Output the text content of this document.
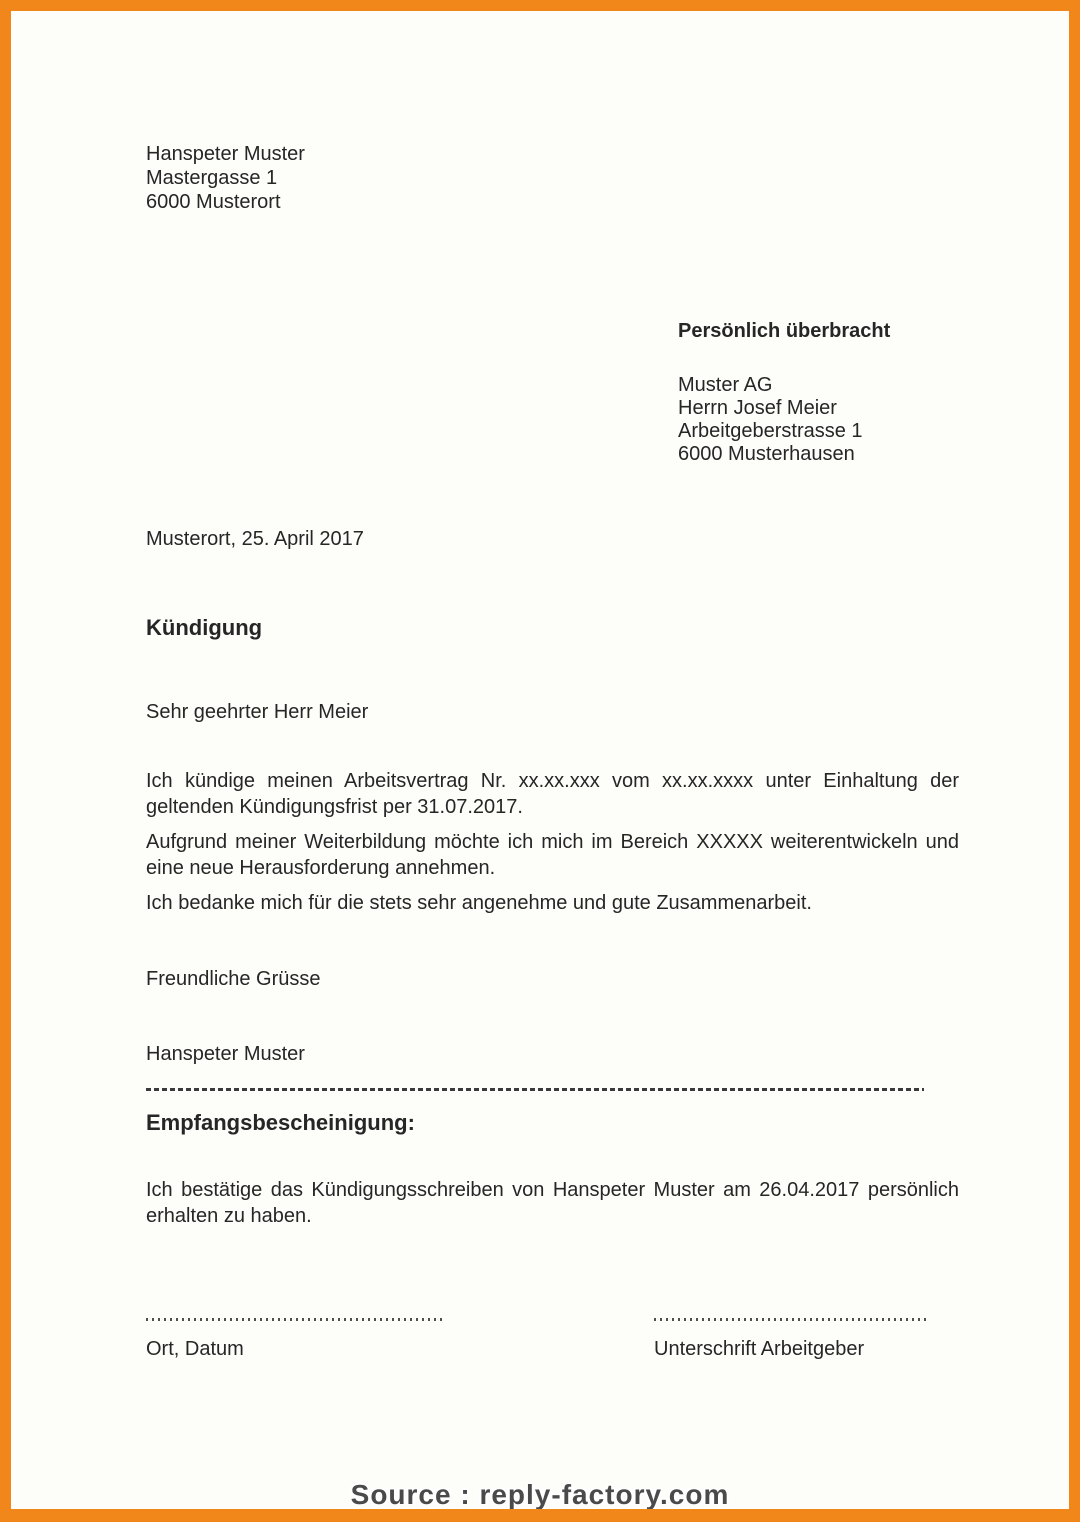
Hanspeter Muster
Mastergasse 1
6000 Musterort
Persönlich überbracht
Muster AG
Herrn Josef Meier
Arbeitgeberstrasse 1
6000 Musterhausen
Musterort, 25. April 2017
Kündigung
Sehr geehrter Herr Meier

Ich kündige meinen Arbeitsvertrag Nr. xx.xx.xxx vom xx.xx.xxxx unter Einhaltung der geltenden Kündigungsfrist per 31.07.2017.

Aufgrund meiner Weiterbildung möchte ich mich im Bereich XXXXX weiterentwickeln und eine neue Herausforderung annehmen.

Ich bedanke mich für die stets sehr angenehme und gute Zusammenarbeit.

Freundliche Grüsse
Hanspeter Muster
Empfangsbescheinigung:
Ich bestätige das Kündigungsschreiben von Hanspeter Muster am 26.04.2017 persönlich erhalten zu haben.
Ort, Datum	Unterschrift Arbeitgeber
Source : reply-factory.com
